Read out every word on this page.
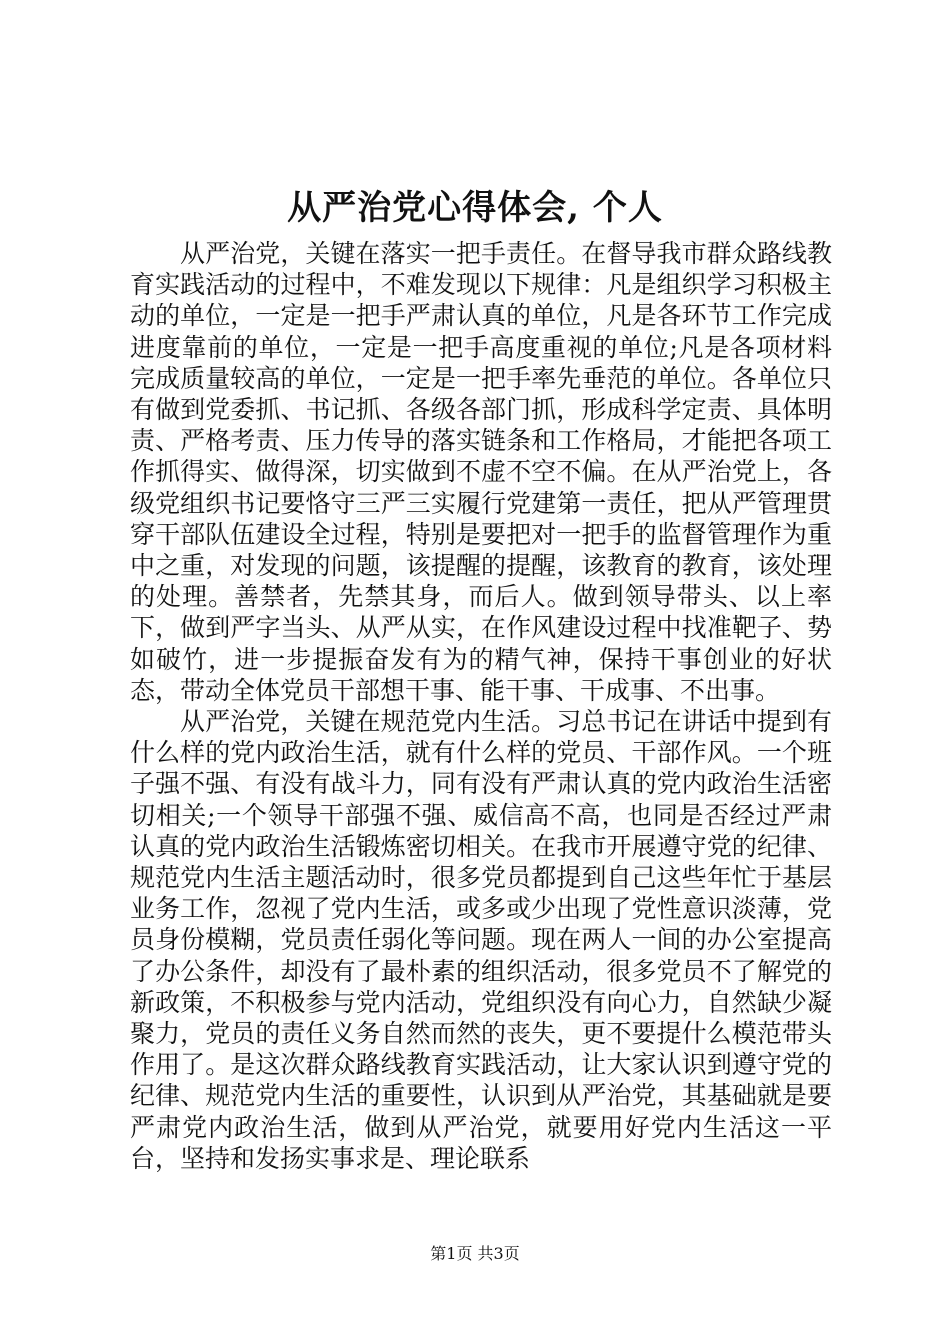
从严治党心得体会, 个人

从严治党，关键在落实一把手责任。在督导我市群众路线教育实践活动的过程中，不难发现以下规律：凡是组织学习积极主动的单位，一定是一把手严肃认真的单位，凡是各环节工作完成进度靠前的单位，一定是一把手高度重视的单位;凡是各项材料完成质量较高的单位，一定是一把手率先垂范的单位。各单位只有做到党委抓、书记抓、各级各部门抓，形成科学定责、具体明责、严格考责、压力传导的落实链条和工作格局，才能把各项工作抓得实、做得深，切实做到不虚不空不偏。在从严治党上，各级党组织书记要恪守三严三实履行党建第一责任，把从严管理贯穿干部队伍建设全过程，特别是要把对一把手的监督管理作为重中之重，对发现的问题，该提醒的提醒，该教育的教育，该处理的处理。善禁者，先禁其身，而后人。做到领导带头、以上率下，做到严字当头、从严从实，在作风建设过程中找准靶子、势如破竹，进一步提振奋发有为的精气神，保持干事创业的好状态，带动全体党员干部想干事、能干事、干成事、不出事。

从严治党，关键在规范党内生活。习总书记在讲话中提到有什么样的党内政治生活，就有什么样的党员、干部作风。一个班子强不强、有没有战斗力，同有没有严肃认真的党内政治生活密切相关;一个领导干部强不强、威信高不高，也同是否经过严肃认真的党内政治生活锻炼密切相关。在我市开展遵守党的纪律、规范党内生活主题活动时，很多党员都提到自己这些年忙于基层业务工作，忽视了党内生活，或多或少出现了党性意识淡薄，党员身份模糊，党员责任弱化等问题。现在两人一间的办公室提高了办公条件，却没有了最朴素的组织活动，很多党员不了解党的新政策，不积极参与党内活动，党组织没有向心力，自然缺少凝聚力，党员的责任义务自然而然的丧失，更不要提什么模范带头作用了。是这次群众路线教育实践活动，让大家认识到遵守党的纪律、规范党内生活的重要性，认识到从严治党，其基础就是要严肃党内政治生活，做到从严治党，就要用好党内生活这一平台，坚持和发扬实事求是、理论联系

第1页 共3页
